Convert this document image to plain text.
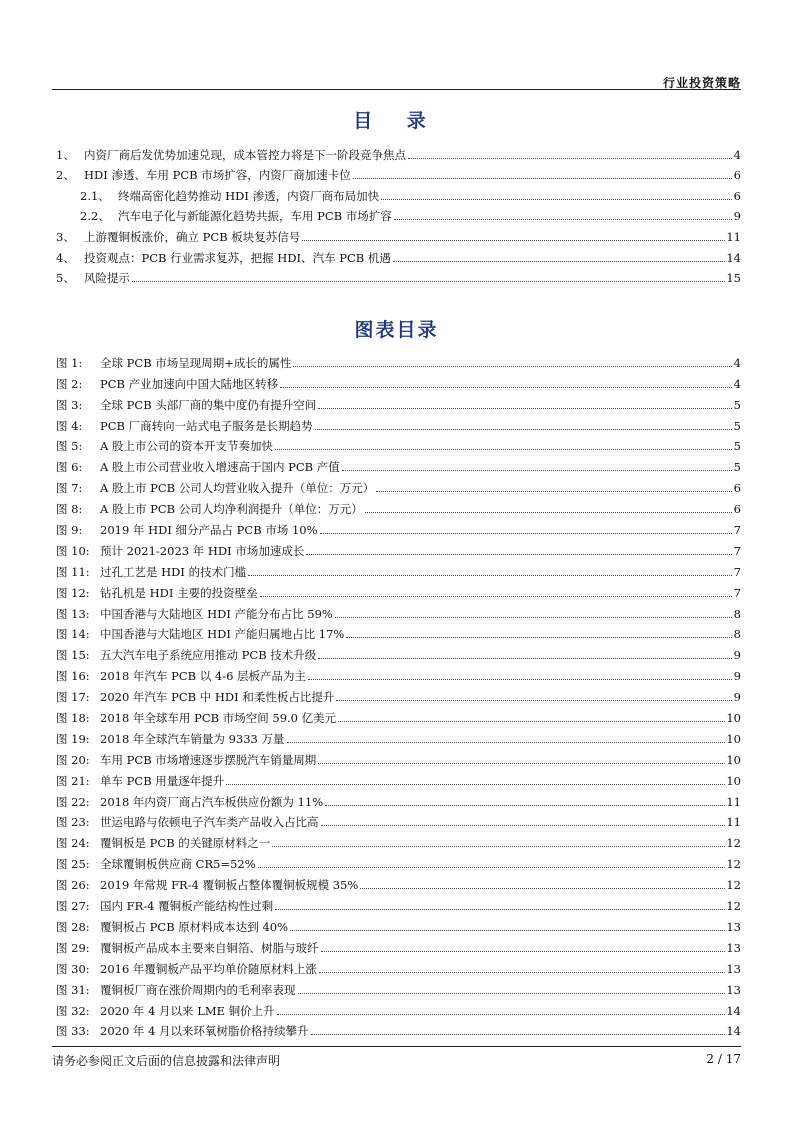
行业投资策略
目 录
1、 内资厂商后发优势加速兑现，成本管控力将是下一阶段竞争焦点	4
2、 HDI 渗透、车用 PCB 市场扩容，内资厂商加速卡位	6
2.1、 终端高密化趋势推动 HDI 渗透，内资厂商布局加快	6
2.2、 汽车电子化与新能源化趋势共振，车用 PCB 市场扩容	9
3、 上游覆铜板涨价，确立 PCB 板块复苏信号	11
4、 投资观点：PCB 行业需求复苏，把握 HDI、汽车 PCB 机遇	14
5、 风险提示	15
图表目录
图 1:	全球 PCB 市场呈现周期+成长的属性	4
图 2:	PCB 产业加速向中国大陆地区转移	4
图 3:	全球 PCB 头部厂商的集中度仍有提升空间	5
图 4:	PCB 厂商转向一站式电子服务是长期趋势	5
图 5:	A 股上市公司的资本开支节奏加快	5
图 6:	A 股上市公司营业收入增速高于国内 PCB 产值	5
图 7:	A 股上市 PCB 公司人均营业收入提升（单位：万元）	6
图 8:	A 股上市 PCB 公司人均净利润提升（单位：万元）	6
图 9:	2019 年 HDI 细分产品占 PCB 市场 10%	7
图 10: 预计 2021-2023 年 HDI 市场加速成长	7
图 11: 过孔工艺是 HDI 的技术门槛	7
图 12: 钻孔机是 HDI 主要的投资壁垒	7
图 13: 中国香港与大陆地区 HDI 产能分布占比 59%	8
图 14: 中国香港与大陆地区 HDI 产能归属地占比 17%	8
图 15: 五大汽车电子系统应用推动 PCB 技术升级	9
图 16: 2018 年汽车 PCB 以 4-6 层板产品为主	9
图 17: 2020 年汽车 PCB 中 HDI 和柔性板占比提升	9
图 18: 2018 年全球车用 PCB 市场空间 59.0 亿美元	10
图 19: 2018 年全球汽车销量为 9333 万量	10
图 20: 车用 PCB 市场增速逐步摆脱汽车销量周期	10
图 21: 单车 PCB 用量逐年提升	10
图 22: 2018 年内资厂商占汽车板供应份额为 11%	11
图 23: 世运电路与依顿电子汽车类产品收入占比高	11
图 24: 覆铜板是 PCB 的关键原材料之一	12
图 25: 全球覆铜板供应商 CR5=52%	12
图 26: 2019 年常规 FR-4 覆铜板占整体覆铜板规模 35%	12
图 27: 国内 FR-4 覆铜板产能结构性过剩	12
图 28: 覆铜板占 PCB 原材料成本达到 40%	13
图 29: 覆铜板产品成本主要来自铜箔、树脂与玻纤	13
图 30: 2016 年覆铜板产品平均单价随原材料上涨	13
图 31: 覆铜板厂商在涨价周期内的毛利率表现	13
图 32: 2020 年 4 月以来 LME 铜价上升	14
图 33: 2020 年 4 月以来环氧树脂价格持续攀升	14
请务必参阅正文后面的信息披露和法律声明	2 / 17
